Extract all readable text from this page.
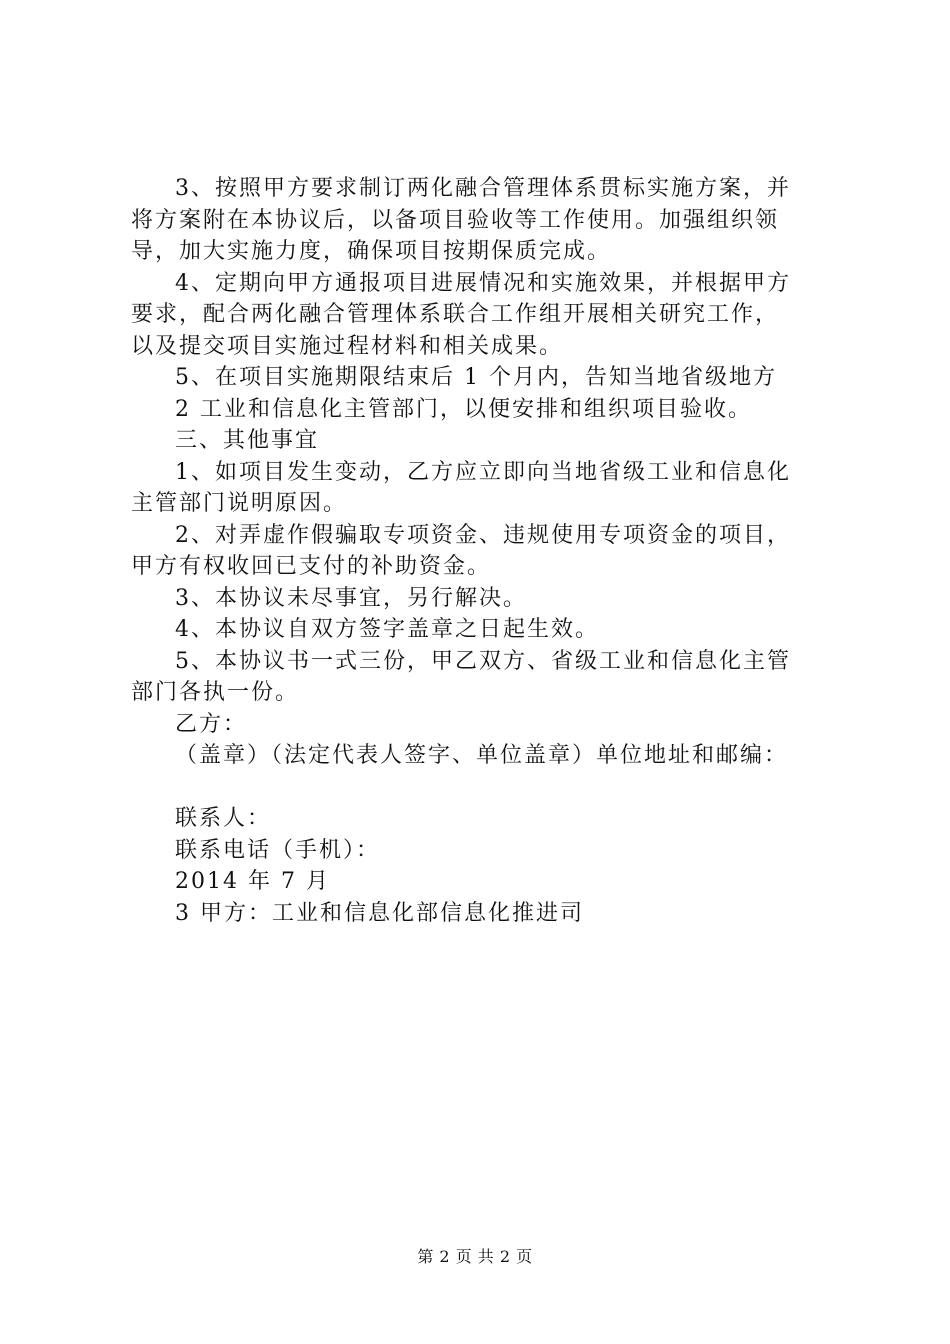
3、按照甲方要求制订两化融合管理体系贯标实施方案，并
将方案附在本协议后，以备项目验收等工作使用。加强组织领
导，加大实施力度，确保项目按期保质完成。
4、定期向甲方通报项目进展情况和实施效果，并根据甲方
要求，配合两化融合管理体系联合工作组开展相关研究工作，
以及提交项目实施过程材料和相关成果。
5、在项目实施期限结束后 1 个月内，告知当地省级地方
2 工业和信息化主管部门，以便安排和组织项目验收。
三、其他事宜
1、如项目发生变动，乙方应立即向当地省级工业和信息化
主管部门说明原因。
2、对弄虚作假骗取专项资金、违规使用专项资金的项目，
甲方有权收回已支付的补助资金。
3、本协议未尽事宜，另行解决。
4、本协议自双方签字盖章之日起生效。
5、本协议书一式三份，甲乙双方、省级工业和信息化主管
部门各执一份。
乙方：
（盖章）（法定代表人签字、单位盖章）单位地址和邮编：
联系人：
联系电话（手机）：
2014 年 7 月
3 甲方：工业和信息化部信息化推进司
第 2 页 共 2 页
